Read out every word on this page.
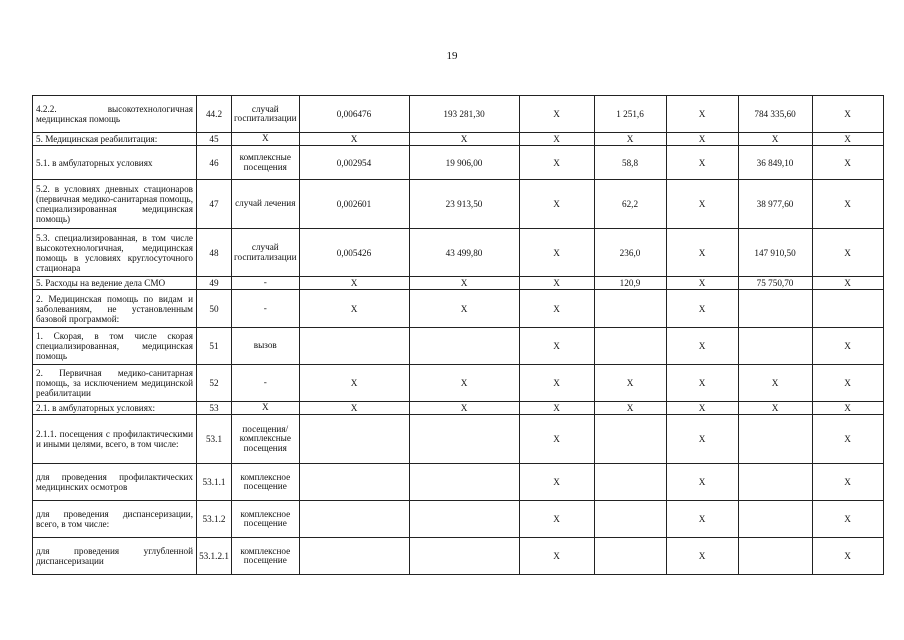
19
4.2.2. высокотехнологичная медицинская помощь	44.2	случай госпитализации	0,006476	193 281,30	X	1 251,6	X	784 335,60	X
5. Медицинская реабилитация:	45	X	X	X	X	X	X	X	X
5.1. в амбулаторных условиях	46	комплексные посещения	0,002954	19 906,00	X	58,8	X	36 849,10	X
5.2. в условиях дневных стационаров (первичная медико-санитарная помощь, специализированная медицинская помощь)	47	случай лечения	0,002601	23 913,50	X	62,2	X	38 977,60	X
5.3. специализированная, в том числе высокотехнологичная, медицинская помощь в условиях круглосуточного стационара	48	случай госпитализации	0,005426	43 499,80	X	236,0	X	147 910,50	X
5. Расходы на ведение дела СМО	49	-	X	X	X	120,9	X	75 750,70	X
2. Медицинская помощь по видам и заболеваниям, не установленным базовой программой:	50	-	X	X	X		X		
1. Скорая, в том числе скорая специализированная, медицинская помощь	51	вызов			X		X		X
2. Первичная медико-санитарная помощь, за исключением медицинской реабилитации	52	-	X	X	X	X	X	X	X
2.1. в амбулаторных условиях:	53	X	X	X	X	X	X	X	X
2.1.1. посещения с профилактическими и иными целями, всего, в том числе:	53.1	посещения/комплексные посещения			X		X		X
для проведения профилактических медицинских осмотров	53.1.1	комплексное посещение			X		X		X
для проведения диспансеризации, всего, в том числе:	53.1.2	комплексное посещение			X		X		X
для проведения углубленной диспансеризации	53.1.2.1	комплексное посещение			X		X		X
